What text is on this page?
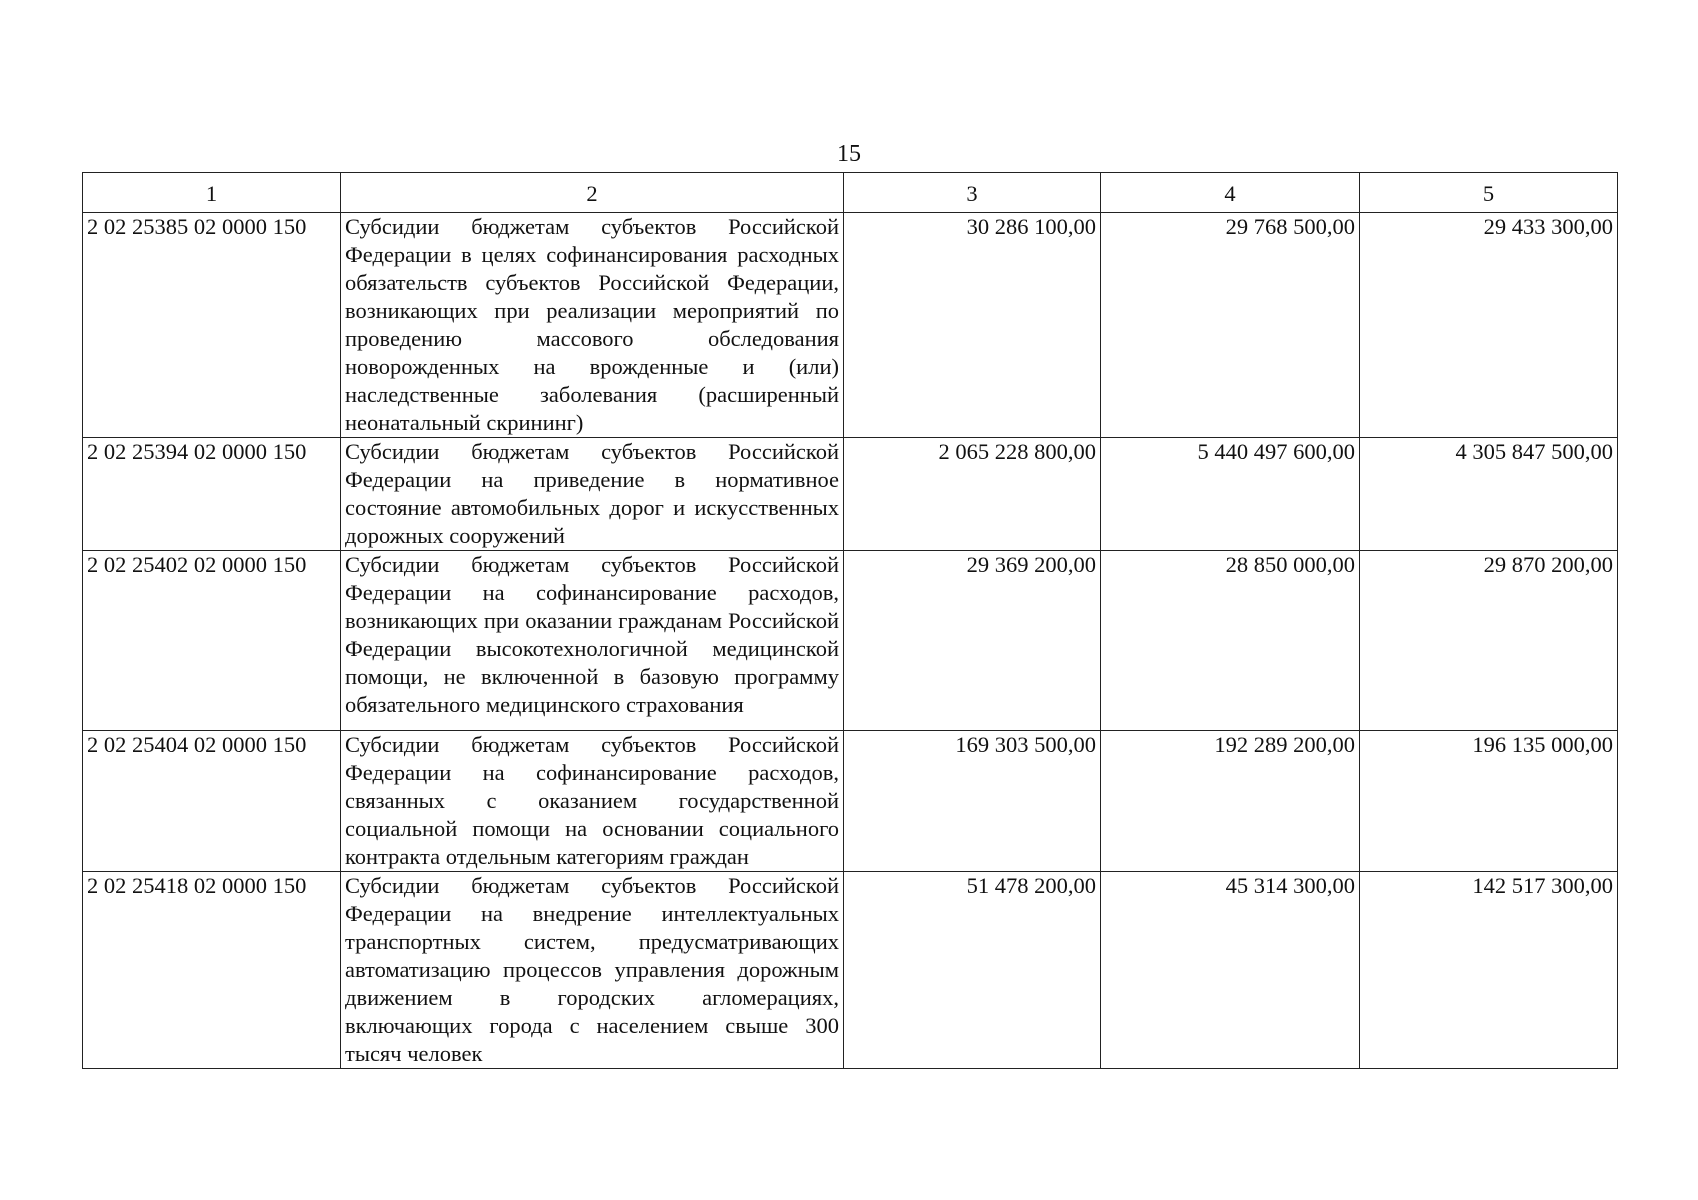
15
1	2	3	4	5
2 02 25385 02 0000 150	Субсидии бюджетам субъектов Российской Федерации в целях софинансирования расходных обязательств субъектов Российской Федерации, возникающих при реализации мероприятий по проведению массового обследования новорожденных на врожденные и (или) наследственные заболевания (расширенный неонатальный скрининг)	30 286 100,00	29 768 500,00	29 433 300,00
2 02 25394 02 0000 150	Субсидии бюджетам субъектов Российской Федерации на приведение в нормативное состояние автомобильных дорог и искусственных дорожных сооружений	2 065 228 800,00	5 440 497 600,00	4 305 847 500,00
2 02 25402 02 0000 150	Субсидии бюджетам субъектов Российской Федерации на софинансирование расходов, возникающих при оказании гражданам Российской Федерации высокотехнологичной медицинской помощи, не включенной в базовую программу обязательного медицинского страхования	29 369 200,00	28 850 000,00	29 870 200,00
2 02 25404 02 0000 150	Субсидии бюджетам субъектов Российской Федерации на софинансирование расходов, связанных с оказанием государственной социальной помощи на основании социального контракта отдельным категориям граждан	169 303 500,00	192 289 200,00	196 135 000,00
2 02 25418 02 0000 150	Субсидии бюджетам субъектов Российской Федерации на внедрение интеллектуальных транспортных систем, предусматривающих автоматизацию процессов управления дорожным движением в городских агломерациях, включающих города с населением свыше 300 тысяч человек	51 478 200,00	45 314 300,00	142 517 300,00
